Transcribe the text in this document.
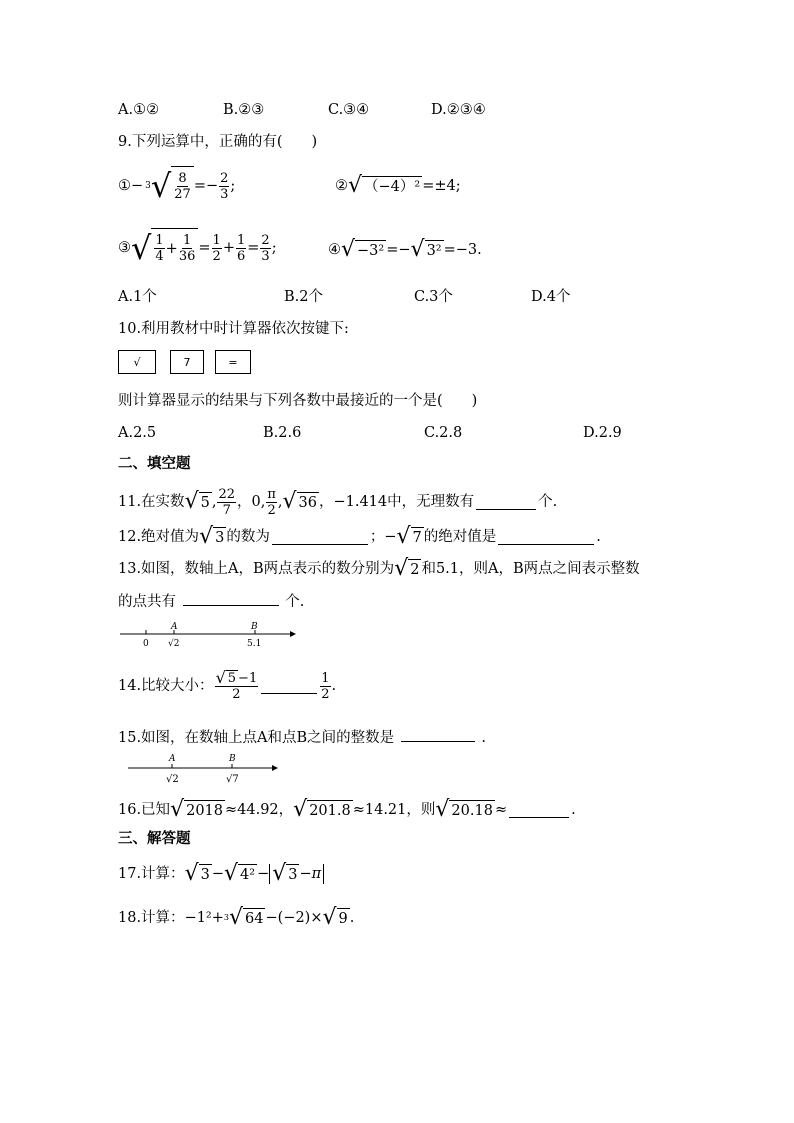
A.①②	B.②③	C.③④	D.②③④
9.下列运算中，正确的有(　　)
①− 3 √ $\frac{8}{27} =- \frac{2}{3}$ ;	② √ （−4）² =±4;
③ √ $\frac{1}{4} + \frac{1}{36} = \frac{1}{2} + \frac{1}{6} = \frac{2}{3}$ ;	④ √ −3² =− √ 3² =−3.
A.1个	B.2个	C.3个	D.4个
10.利用教材中时计算器依次按键下:
√	7	=
则计算器显示的结果与下列各数中最接近的一个是(　　)
A.2.5	B.2.6	C.2.8	D.2.9
二、填空题
11.在实数 √ 5 , $\frac{22}{7}$ ，0, $\frac{\pi}{2}$ , √ 36 ，−1.414中，无理数有	个.
12.绝对值为 √ 3 的数为	；− √ 7 的绝对值是	.
13.如图，数轴上A，B两点表示的数分别为 √ 2 和5.1，则A，B两点之间表示整数
的点共有	个.
0
A
√2
B
5.1
14.比较大小： $\frac{√ 5 -1}{2}$	$\frac{1}{2}$ .
15.如图，在数轴上点A和点B之间的整数是	.
A
√2
B
√7
16.已知 √ 2018 ≈44.92， √ 201.8 ≈14.21，则 √ 20.18 ≈	.
三、解答题
17.计算： √ 3 − √ 4² − √ 3 −π
18.计算： −1²+ 3 √ 64 −(−2)× √ 9 .
